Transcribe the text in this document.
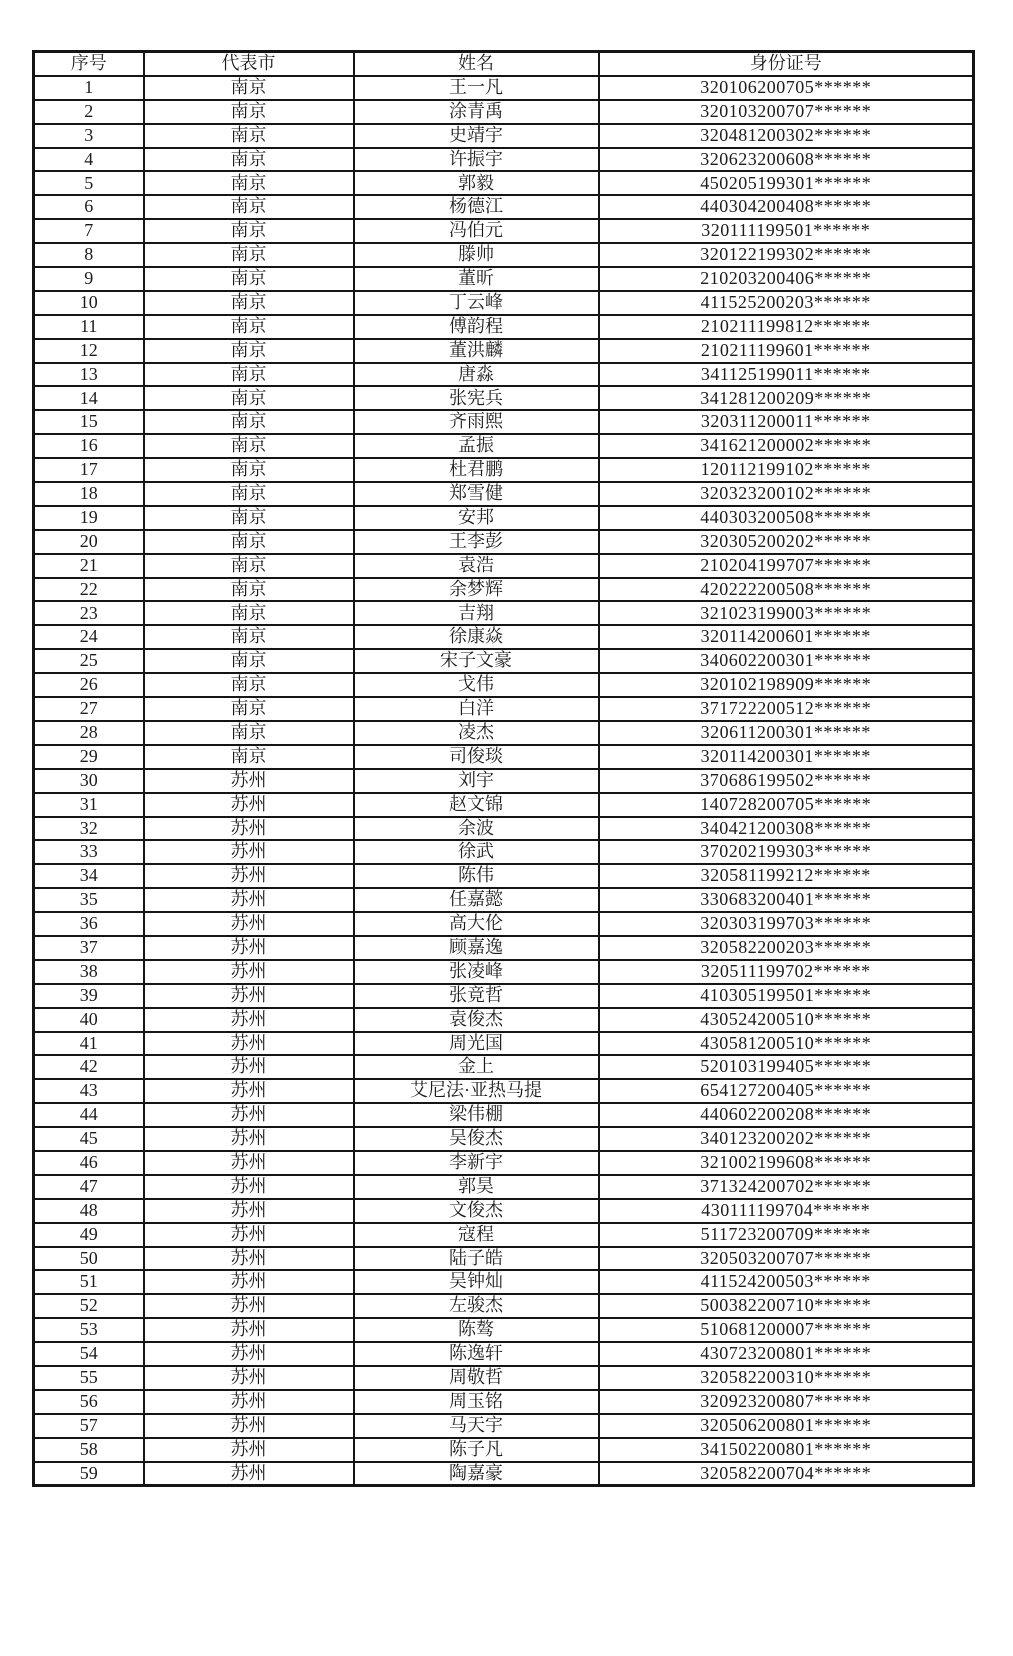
序号	代表市	姓名	身份证号
1	南京	王一凡	320106200705******
2	南京	涂青禹	320103200707******
3	南京	史靖宇	320481200302******
4	南京	许振宇	320623200608******
5	南京	郭毅	450205199301******
6	南京	杨德江	440304200408******
7	南京	冯伯元	320111199501******
8	南京	滕帅	320122199302******
9	南京	董昕	210203200406******
10	南京	丁云峰	411525200203******
11	南京	傅韵程	210211199812******
12	南京	董洪麟	210211199601******
13	南京	唐淼	341125199011******
14	南京	张宪兵	341281200209******
15	南京	齐雨熙	320311200011******
16	南京	孟振	341621200002******
17	南京	杜君鹏	120112199102******
18	南京	郑雪健	320323200102******
19	南京	安邦	440303200508******
20	南京	王李彭	320305200202******
21	南京	袁浩	210204199707******
22	南京	余梦辉	420222200508******
23	南京	吉翔	321023199003******
24	南京	徐康焱	320114200601******
25	南京	宋子文豪	340602200301******
26	南京	戈伟	320102198909******
27	南京	白洋	371722200512******
28	南京	凌杰	320611200301******
29	南京	司俊琰	320114200301******
30	苏州	刘宇	370686199502******
31	苏州	赵文锦	140728200705******
32	苏州	余波	340421200308******
33	苏州	徐武	370202199303******
34	苏州	陈伟	320581199212******
35	苏州	任嘉懿	330683200401******
36	苏州	高大伦	320303199703******
37	苏州	顾嘉逸	320582200203******
38	苏州	张凌峰	320511199702******
39	苏州	张竟哲	410305199501******
40	苏州	袁俊杰	430524200510******
41	苏州	周光国	430581200510******
42	苏州	金上	520103199405******
43	苏州	艾尼法·亚热马提	654127200405******
44	苏州	梁伟棚	440602200208******
45	苏州	吴俊杰	340123200202******
46	苏州	李新宇	321002199608******
47	苏州	郭昊	371324200702******
48	苏州	文俊杰	430111199704******
49	苏州	寇程	511723200709******
50	苏州	陆子皓	320503200707******
51	苏州	吴钟灿	411524200503******
52	苏州	左骏杰	500382200710******
53	苏州	陈骜	510681200007******
54	苏州	陈逸轩	430723200801******
55	苏州	周敬哲	320582200310******
56	苏州	周玉铭	320923200807******
57	苏州	马天宇	320506200801******
58	苏州	陈子凡	341502200801******
59	苏州	陶嘉豪	320582200704******
